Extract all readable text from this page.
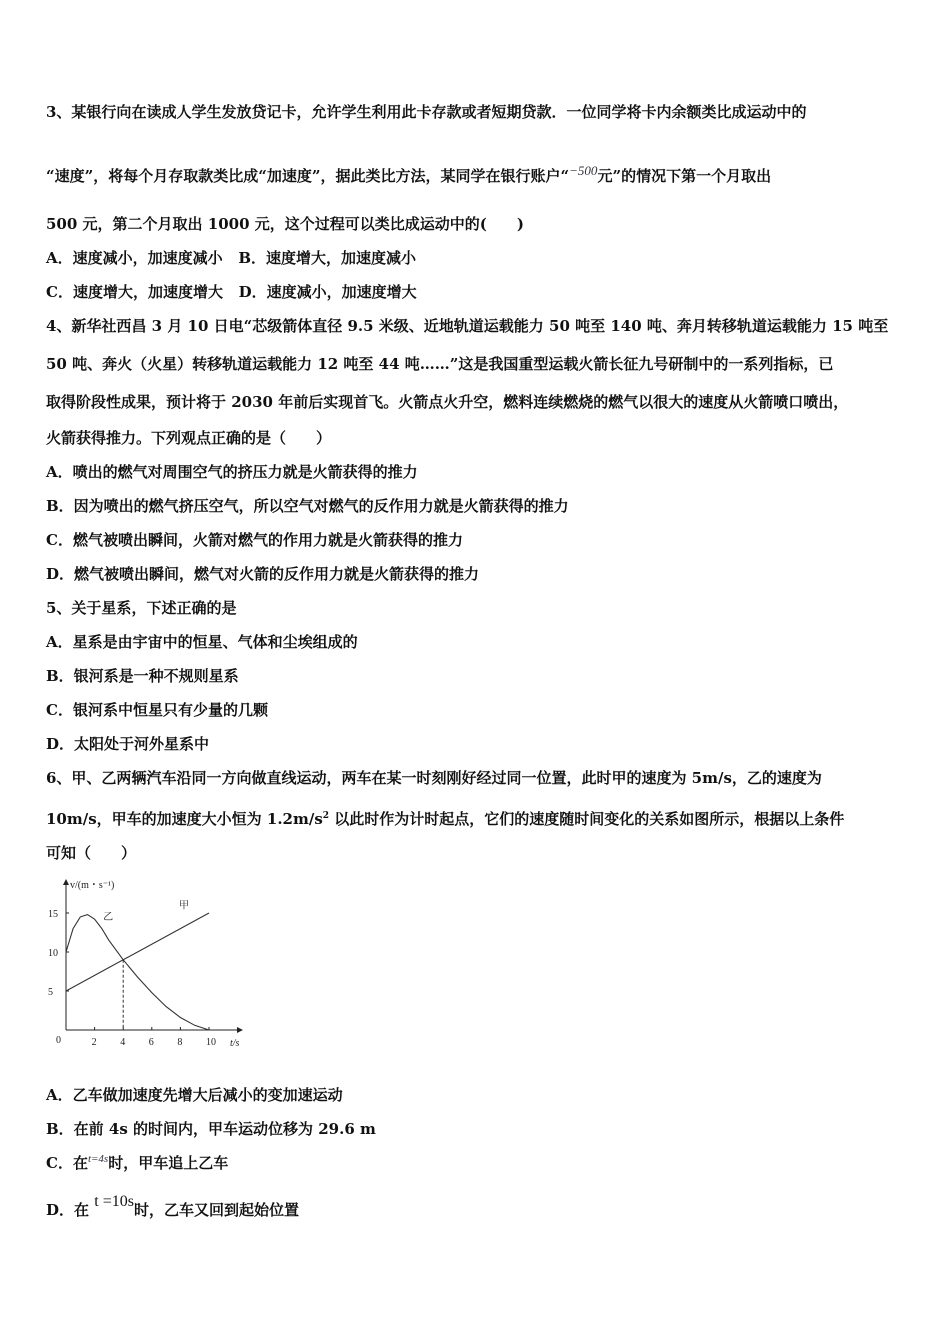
3、某银行向在读成人学生发放贷记卡，允许学生利用此卡存款或者短期贷款．一位同学将卡内余额类比成运动中的
“速度”，将每个月存取款类比成“加速度”，据此类比方法，某同学在银行账户“−500元”的情况下第一个月取出
500 元，第二个月取出 1000 元，这个过程可以类比成运动中的(　　)
A．速度减小，加速度减小 B．速度增大，加速度减小
C．速度增大，加速度增大 D．速度减小，加速度增大
4、新华社西昌 3 月 10 日电“芯级箭体直径 9.5 米级、近地轨道运载能力 50 吨至 140 吨、奔月转移轨道运载能力 15 吨至
50 吨、奔火（火星）转移轨道运载能力 12 吨至 44 吨……”这是我国重型运载火箭长征九号研制中的一系列指标，已
取得阶段性成果，预计将于 2030 年前后实现首飞。火箭点火升空，燃料连续燃烧的燃气以很大的速度从火箭喷口喷出，
火箭获得推力。下列观点正确的是（　　）
A．喷出的燃气对周围空气的挤压力就是火箭获得的推力
B．因为喷出的燃气挤压空气，所以空气对燃气的反作用力就是火箭获得的推力
C．燃气被喷出瞬间，火箭对燃气的作用力就是火箭获得的推力
D．燃气被喷出瞬间，燃气对火箭的反作用力就是火箭获得的推力
5、关于星系，下述正确的是
A．星系是由宇宙中的恒星、气体和尘埃组成的
B．银河系是一种不规则星系
C．银河系中恒星只有少量的几颗
D．太阳处于河外星系中
6、甲、乙两辆汽车沿同一方向做直线运动，两车在某一时刻刚好经过同一位置，此时甲的速度为 5m/s，乙的速度为
10m/s，甲车的加速度大小恒为 $1.2m/s^2$ 以此时作为计时起点，它们的速度随时间变化的关系如图所示，根据以上条件
可知（　　）
2 4 6 8 10
5
10
15
甲
乙
v/(m・s⁻¹)
t/s
0
A．乙车做加速度先增大后减小的变加速运动
B．在前 4s 的时间内，甲车运动位移为 29.6 m
C．在$^{t=4s}$时，甲车追上乙车
D．在 t =10s时，乙车又回到起始位置
